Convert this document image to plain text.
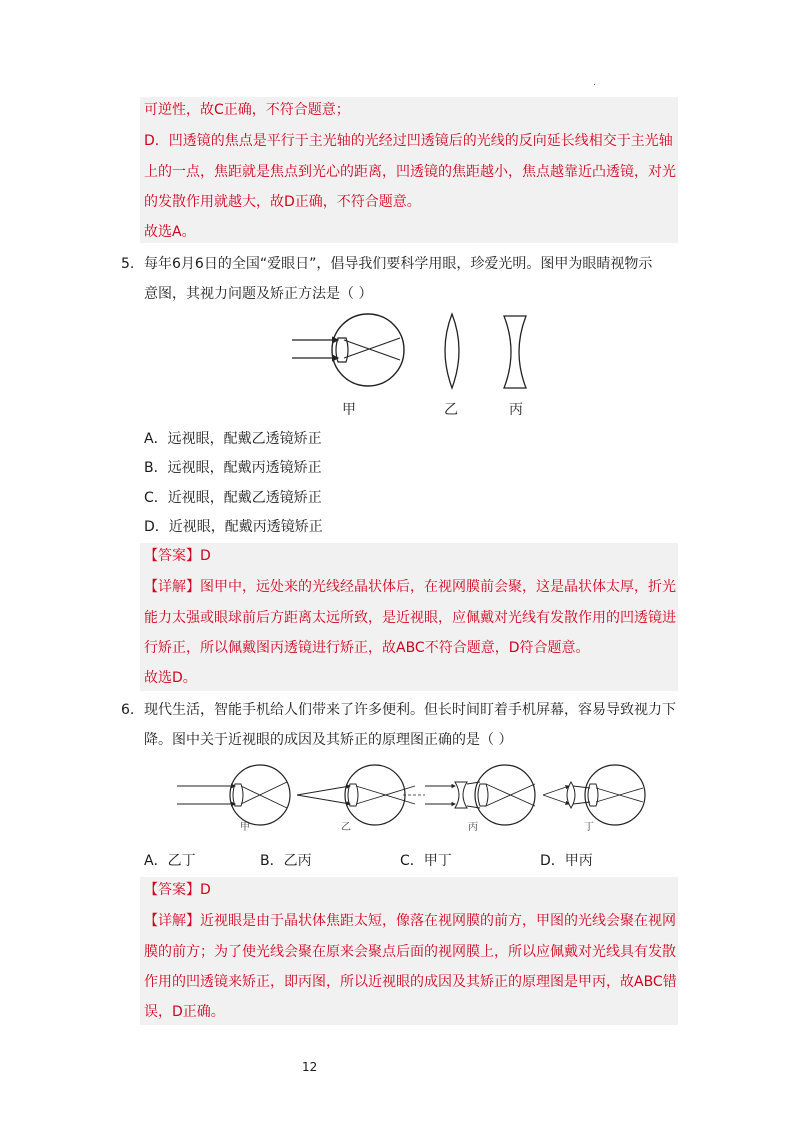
·
可逆性，故C正确，不符合题意；
D．凹透镜的焦点是平行于主光轴的光经过凹透镜后的光线的反向延长线相交于主光轴
上的一点，焦距就是焦点到光心的距离，凹透镜的焦距越小，焦点越靠近凸透镜，对光
的发散作用就越大，故D正确，不符合题意。
故选A。
5. 每年6月6日的全国“爱眼日”，倡导我们要科学用眼，珍爱光明。图甲为眼睛视物示
意图，其视力问题及矫正方法是（ ）
甲	乙	丙
A．远视眼，配戴乙透镜矫正
B．远视眼，配戴丙透镜矫正
C．近视眼，配戴乙透镜矫正
D．近视眼，配戴丙透镜矫正
【答案】D
【详解】图甲中，远处来的光线经晶状体后，在视网膜前会聚，这是晶状体太厚，折光
能力太强或眼球前后方距离太远所致，是近视眼，应佩戴对光线有发散作用的凹透镜进
行矫正，所以佩戴图丙透镜进行矫正，故ABC不符合题意，D符合题意。
故选D。
6. 现代生活，智能手机给人们带来了许多便利。但长时间盯着手机屏幕，容易导致视力下
降。图中关于近视眼的成因及其矫正的原理图正确的是（ ）
甲	乙	丙	丁
A．乙丁	B．乙丙	C．甲丁	D．甲丙
【答案】D
【详解】近视眼是由于晶状体焦距太短，像落在视网膜的前方，甲图的光线会聚在视网
膜的前方；为了使光线会聚在原来会聚点后面的视网膜上，所以应佩戴对光线具有发散
作用的凹透镜来矫正，即丙图，所以近视眼的成因及其矫正的原理图是甲丙，故ABC错
误，D正确。
12
